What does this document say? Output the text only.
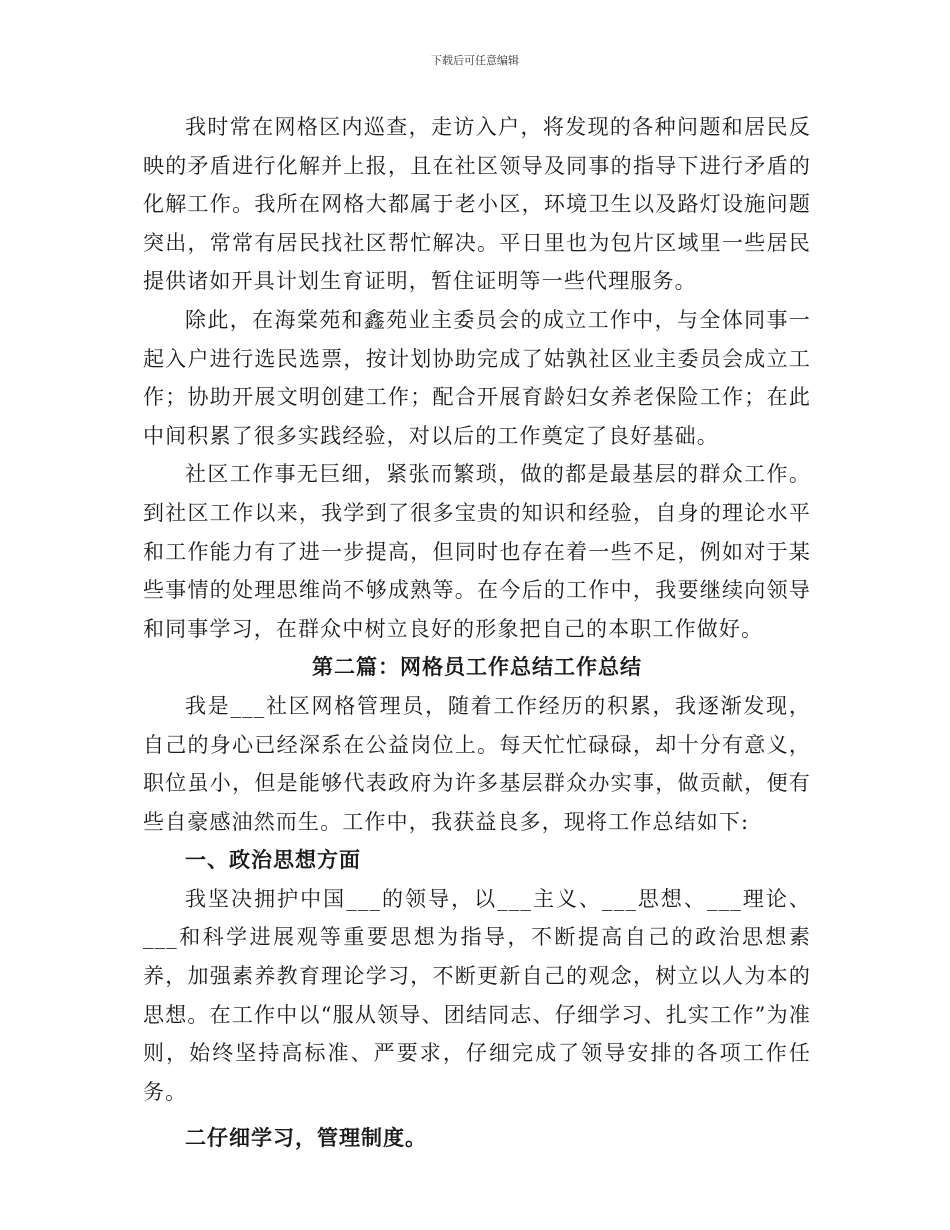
下载后可任意编辑

我时常在网格区内巡查，走访入户，将发现的各种问题和居民反映的矛盾进行化解并上报，且在社区领导及同事的指导下进行矛盾的化解工作。我所在网格大都属于老小区，环境卫生以及路灯设施问题突出，常常有居民找社区帮忙解决。平日里也为包片区域里一些居民提供诸如开具计划生育证明，暂住证明等一些代理服务。

除此，在海棠苑和鑫苑业主委员会的成立工作中，与全体同事一起入户进行选民选票，按计划协助完成了姑孰社区业主委员会成立工作；协助开展文明创建工作；配合开展育龄妇女养老保险工作；在此中间积累了很多实践经验，对以后的工作奠定了良好基础。

社区工作事无巨细，紧张而繁琐，做的都是最基层的群众工作。到社区工作以来，我学到了很多宝贵的知识和经验，自身的理论水平和工作能力有了进一步提高，但同时也存在着一些不足，例如对于某些事情的处理思维尚不够成熟等。在今后的工作中，我要继续向领导和同事学习，在群众中树立良好的形象把自己的本职工作做好。

第二篇：网格员工作总结工作总结

我是___社区网格管理员，随着工作经历的积累，我逐渐发现，自己的身心已经深系在公益岗位上。每天忙忙碌碌，却十分有意义，职位虽小，但是能够代表政府为许多基层群众办实事，做贡献，便有些自豪感油然而生。工作中，我获益良多，现将工作总结如下:

一、政治思想方面

我坚决拥护中国___的领导，以___主义、___思想、___理论、___和科学进展观等重要思想为指导，不断提高自己的政治思想素养，加强素养教育理论学习，不断更新自己的观念，树立以人为本的思想。在工作中以“服从领导、团结同志、仔细学习、扎实工作”为准则，始终坚持高标准、严要求，仔细完成了领导安排的各项工作任务。

二仔细学习，管理制度。
